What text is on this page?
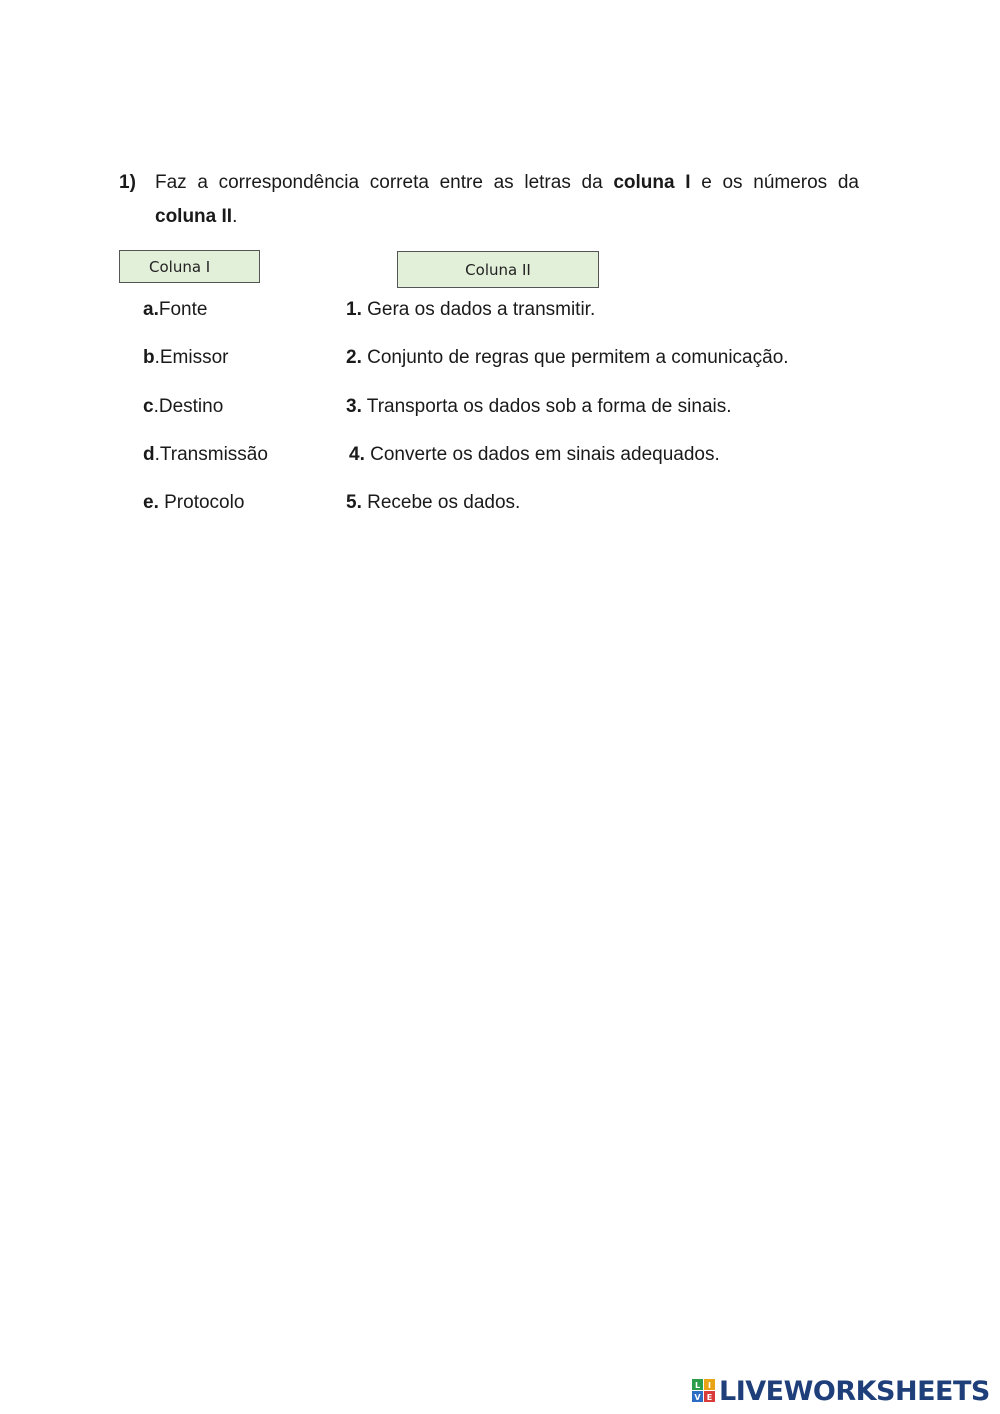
1) Faz a correspondência correta entre as letras da coluna I e os números da
coluna II.
Coluna I	Coluna II
a.Fonte
b.Emissor
c.Destino
d.Transmissão
e. Protocolo
1. Gera os dados a transmitir.
2. Conjunto de regras que permitem a comunicação.
3. Transporta os dados sob a forma de sinais.
4. Converte os dados em sinais adequados.
5. Recebe os dados.
L I
V E LIVEWORKSHEETS
